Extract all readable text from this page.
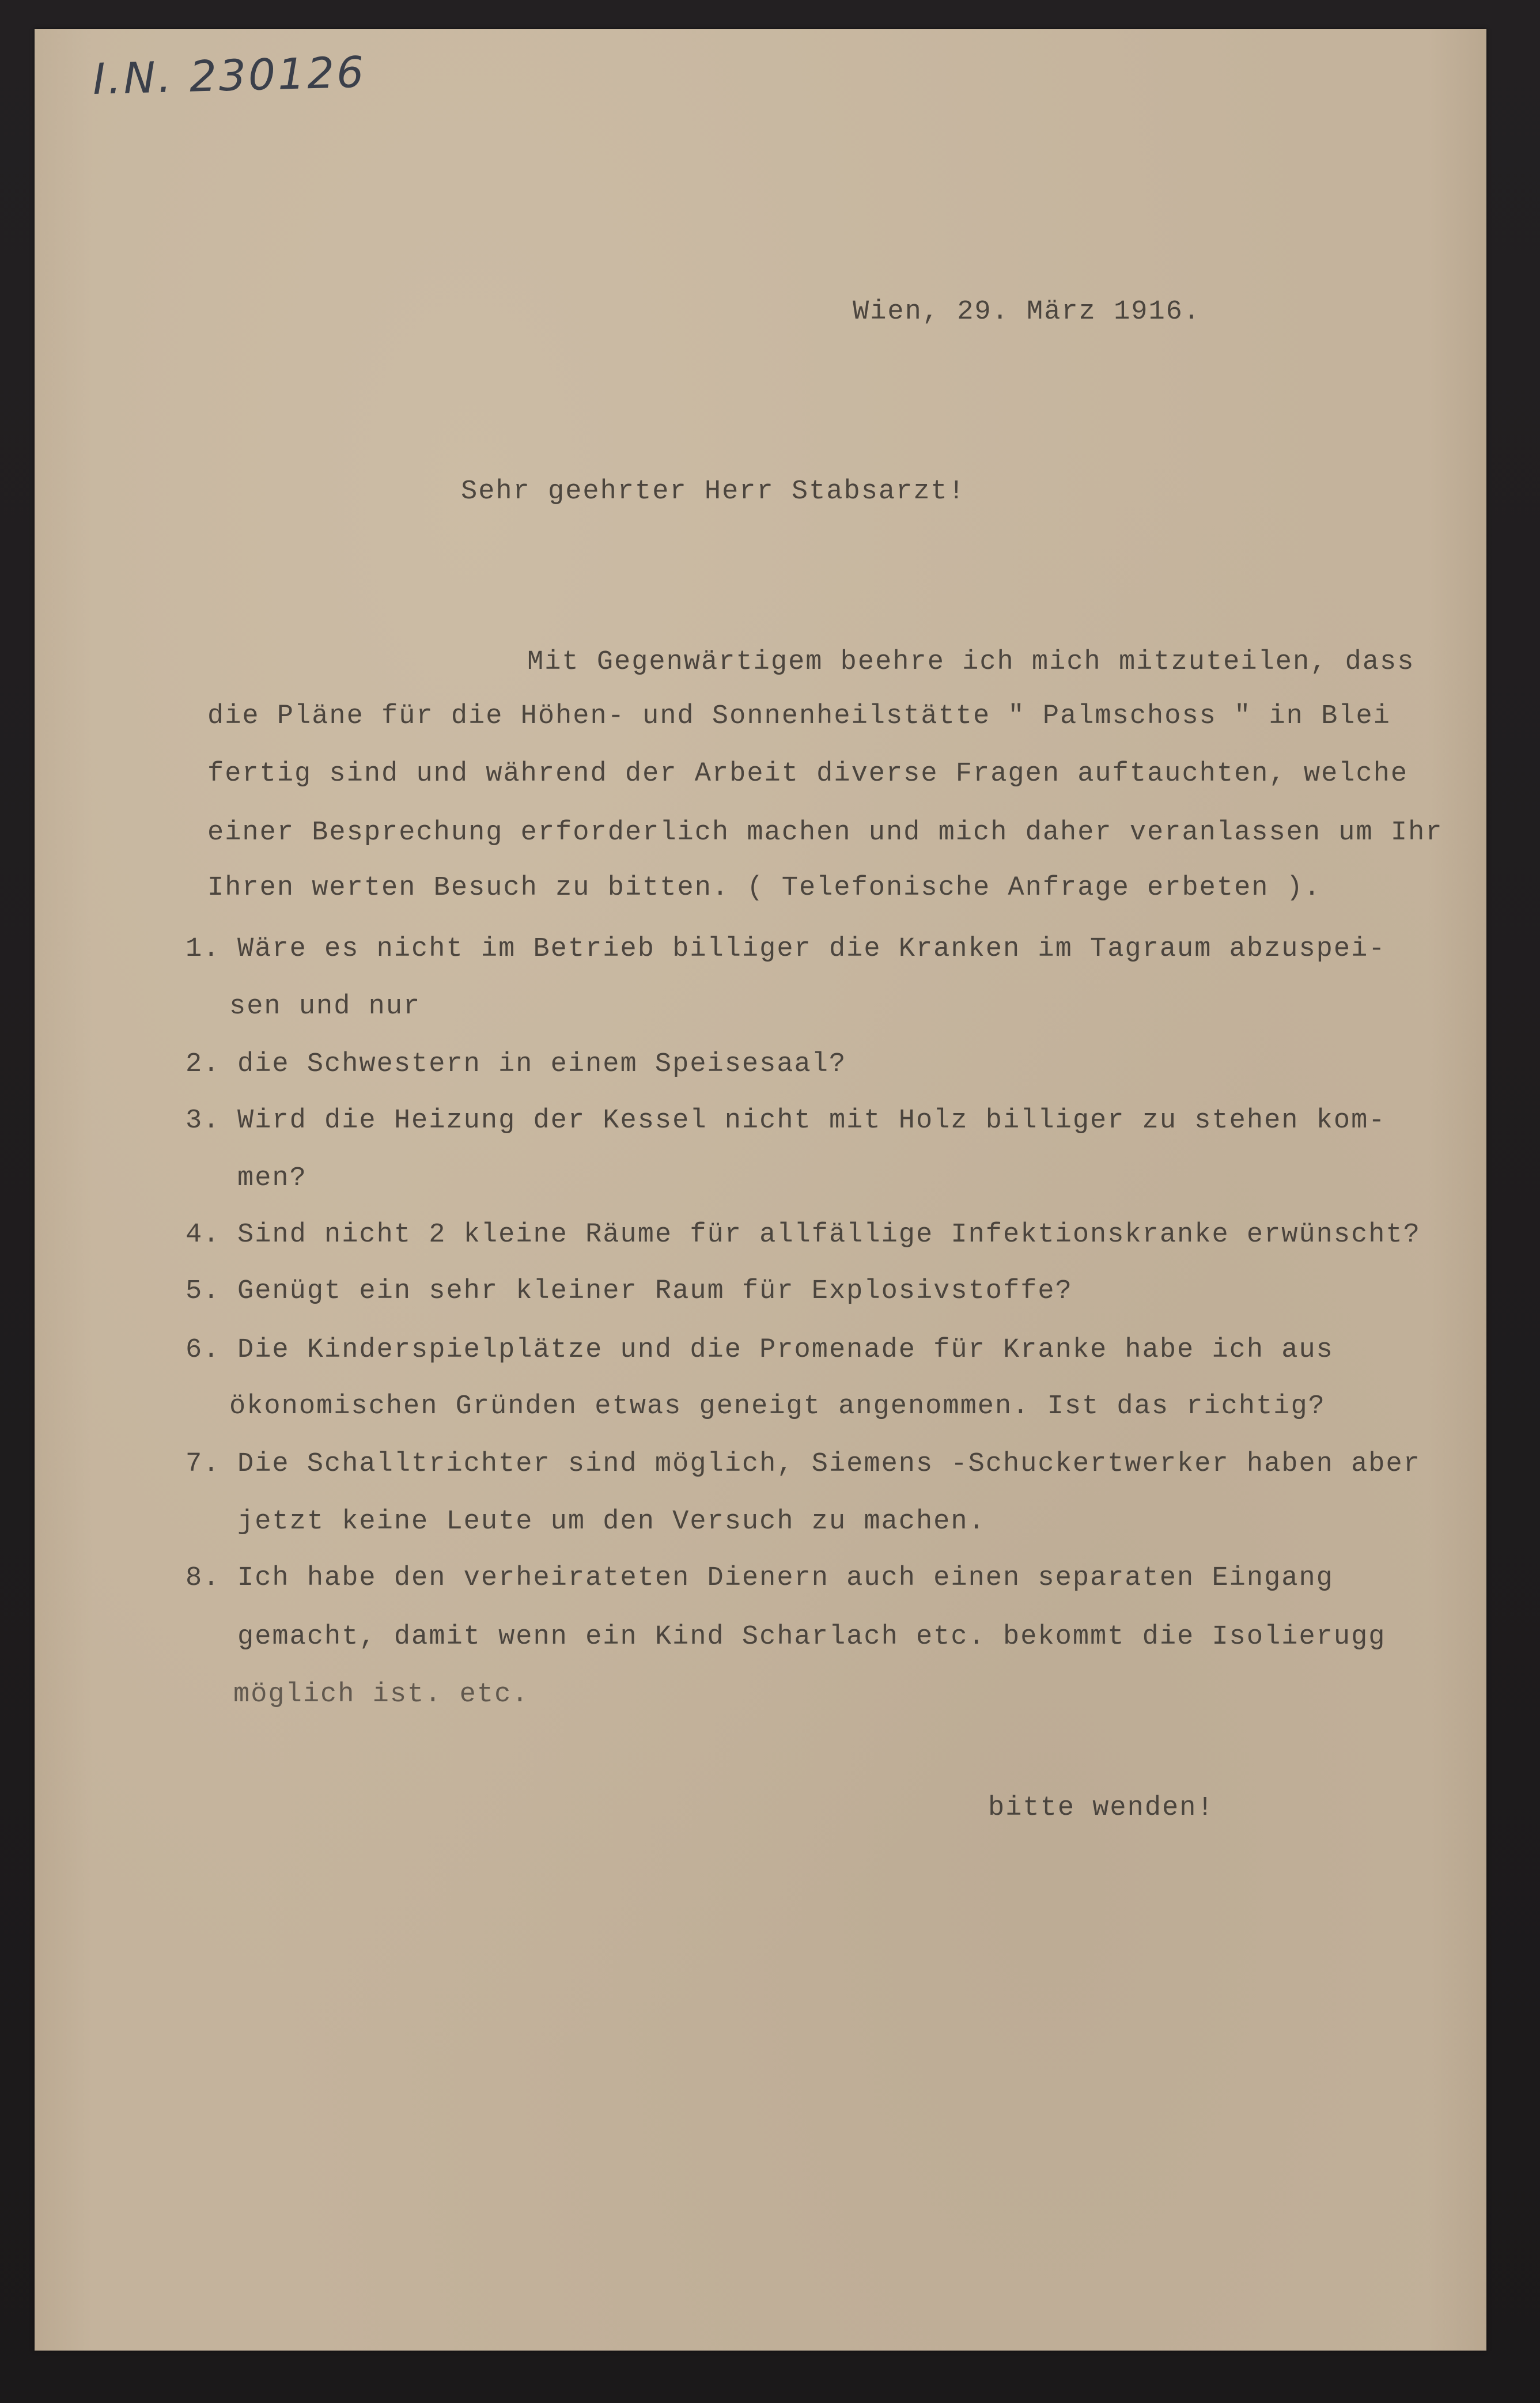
I.N. 230126
Wien, 29. März 1916.
Sehr geehrter Herr Stabsarzt!
Mit Gegenwärtigem beehre ich mich mitzuteilen, dass
die Pläne für die Höhen- und Sonnenheilstätte " Palmschoss " in Blei
fertig sind und während der Arbeit diverse Fragen auftauchten, welche
einer Besprechung erforderlich machen und mich daher veranlassen um Ihr
Ihren werten Besuch zu bitten. ( Telefonische Anfrage erbeten ).
1. Wäre es nicht im Betrieb billiger die Kranken im Tagraum abzuspei-
sen und nur
2. die Schwestern in einem Speisesaal?
3. Wird die Heizung der Kessel nicht mit Holz billiger zu stehen kom-
men?
4. Sind nicht 2 kleine Räume für allfällige Infektionskranke erwünscht?
5. Genügt ein sehr kleiner Raum für Explosivstoffe?
6. Die Kinderspielplätze und die Promenade für Kranke habe ich aus
ökonomischen Gründen etwas geneigt angenommen. Ist das richtig?
7. Die Schalltrichter sind möglich, Siemens -Schuckertwerker haben aber
jetzt keine Leute um den Versuch zu machen.
8. Ich habe den verheirateten Dienern auch einen separaten Eingang
gemacht, damit wenn ein Kind Scharlach etc. bekommt die Isolierugg
möglich ist. etc.
bitte wenden!
